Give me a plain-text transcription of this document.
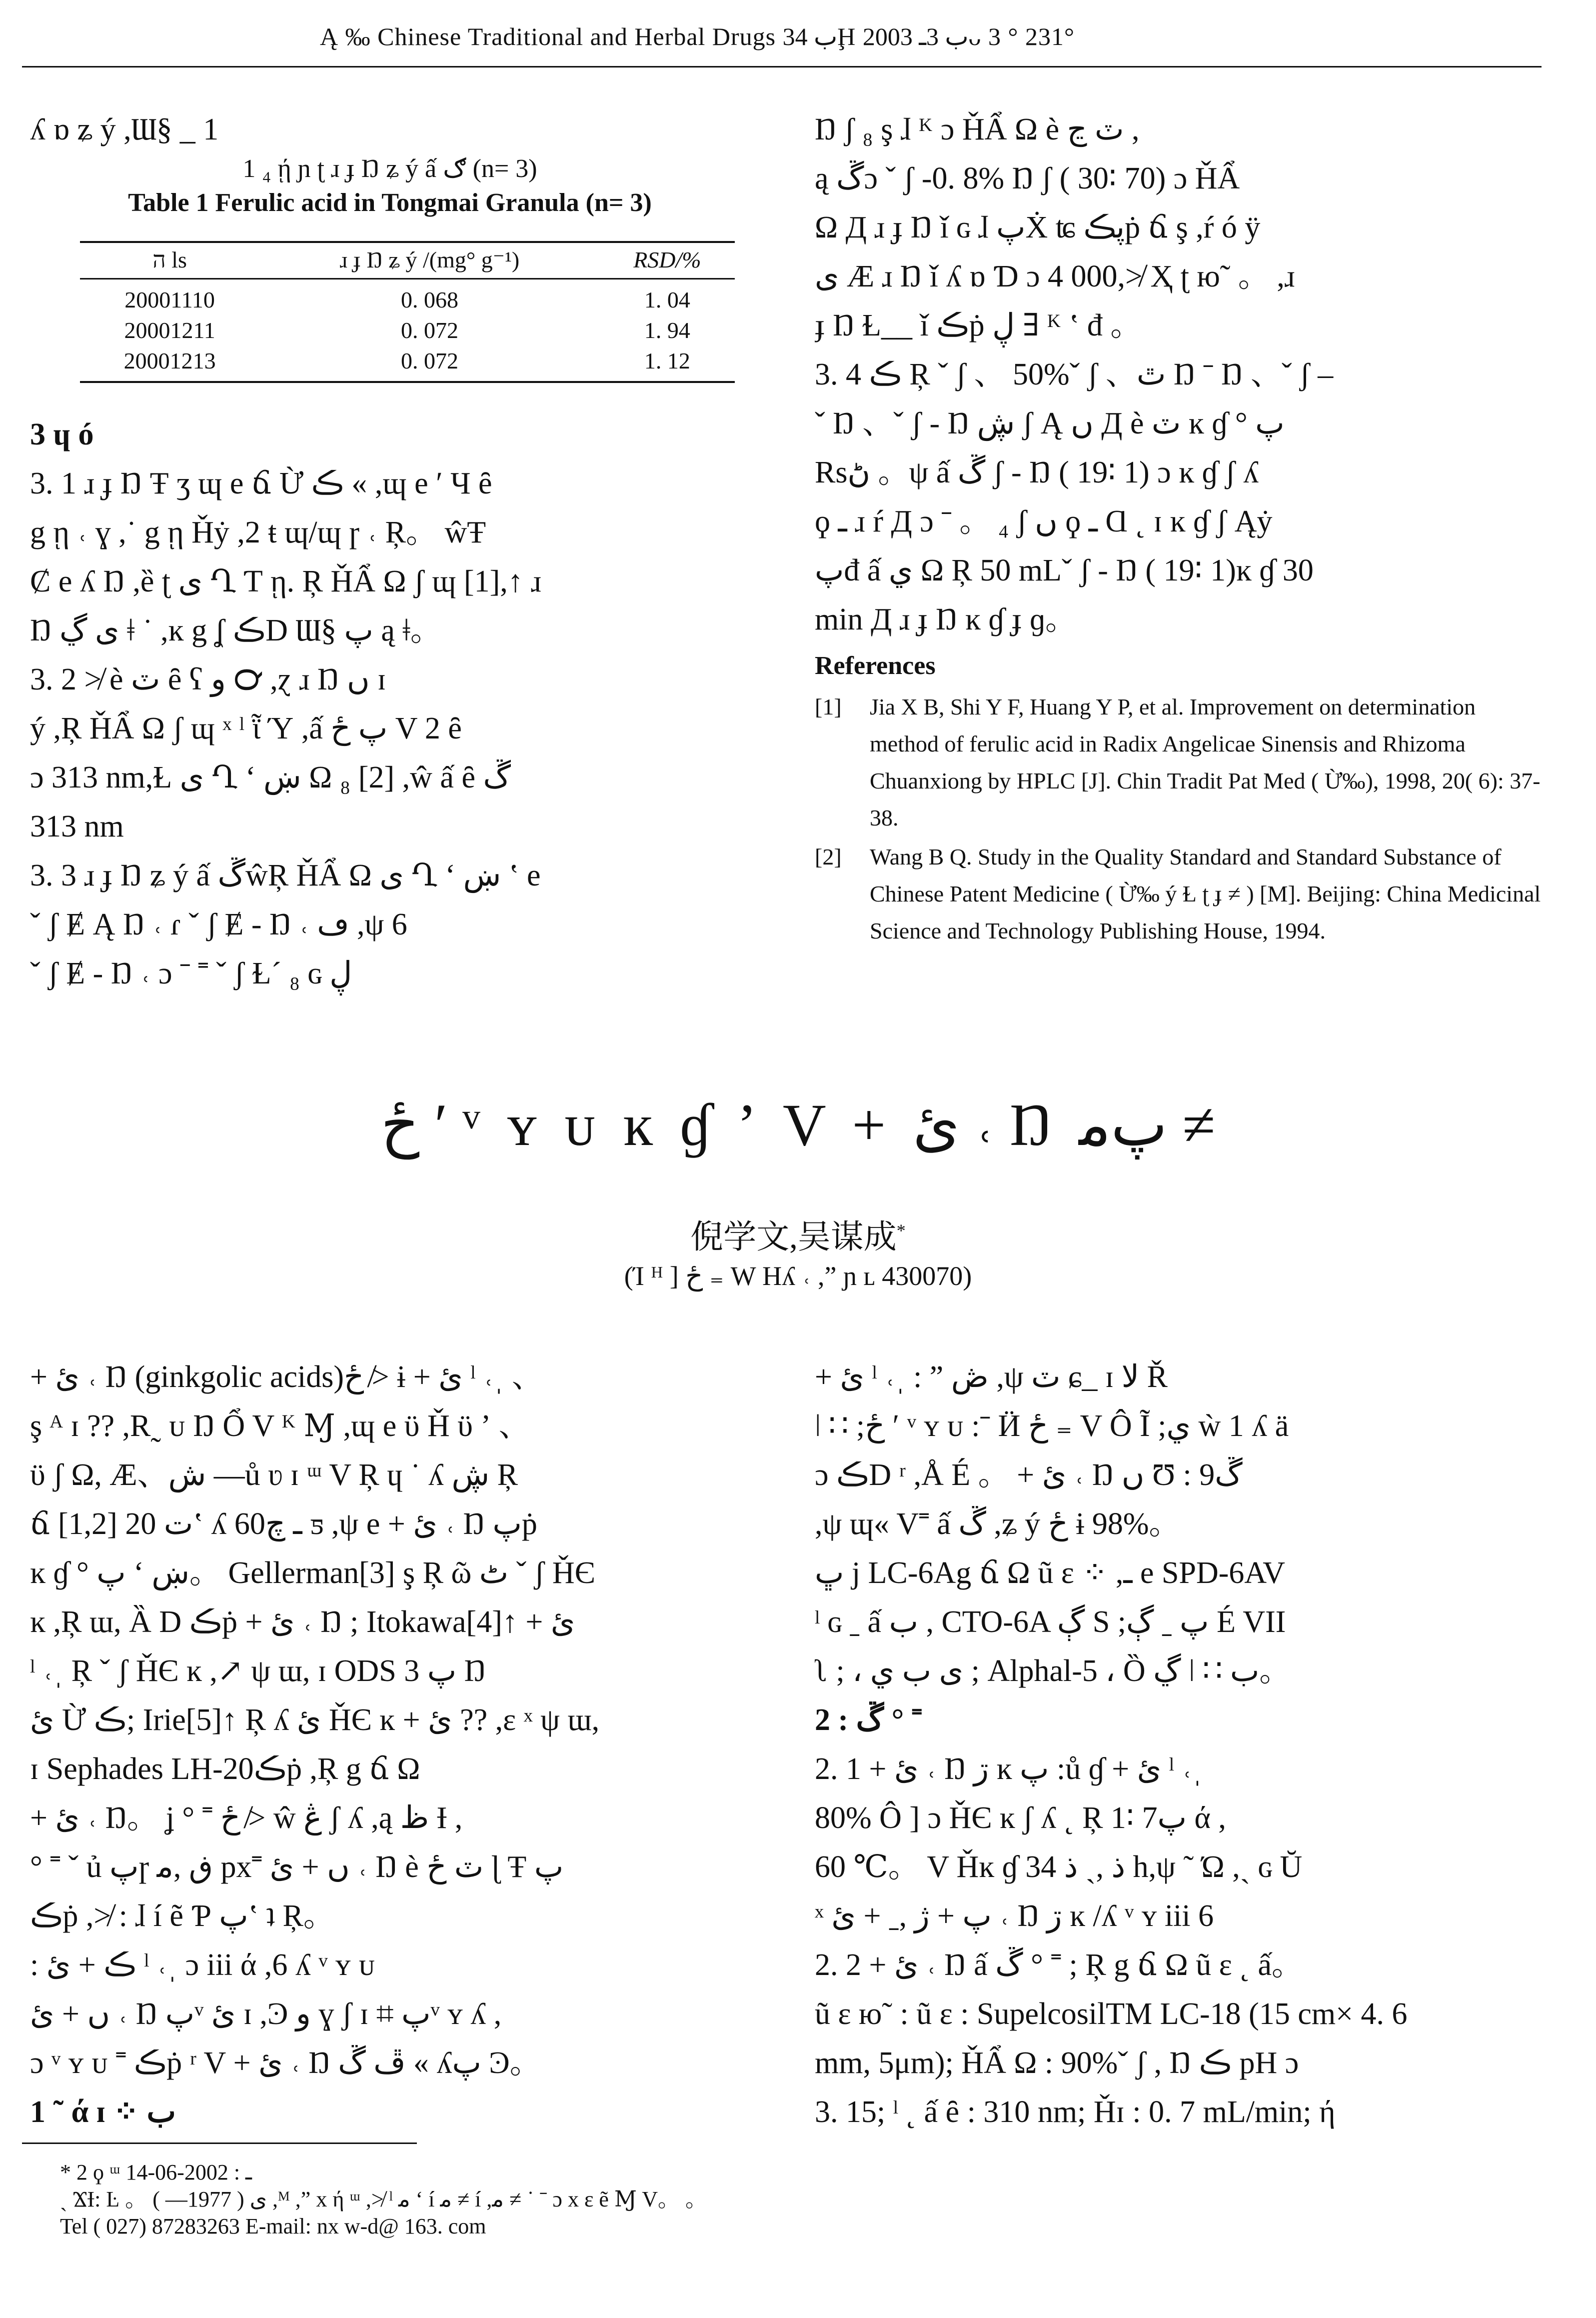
Ą ‰ Chinese Traditional and Herbal Drugs ب 34Ḩ ب 3ـ 2003ᴗ 3 ° 231°

ʎ ɒ ʑ ý ,Ɯ§ _ 1

1 ₄ ῄ ɲ ʈ ɹ ɟ Ŋ ʑ ý ấ ګ (n= 3)

Table 1 Ferulic acid in Tongmai Granula (n= 3)

ה ls	ɹ ɟ Ŋ ʑ ý /(mg° g⁻¹)	RSD/%
20001110	0. 068	1. 04
20001211	0. 072	1. 94
20001213	0. 072	1. 12

3 ɥ ó

3. 1 ɹ ɟ Ŋ Ŧ ʒ ɰ e ճ Ừ ڪ « ,ɰ e ʹ Ч ȇ

g ῃ ˓ ɣ ,˙ g ῃ Ȟẏ ,2 ŧ ɰ/ɰ ɼ ˓ Ŗ。 ŵŦ

Ȼ e ʎ Ŋ ,ȅ ʈ ى Ղ Ƭ ῃ. Ŗ ȞẨ Ω ʃ ɰ [1],↑ ɹ

Ŋ ى ڲ ǂ ˙ ,ĸ g ʆ ڪD Ɯ§ پ ą ǂ。

3. 2 ≯ è ٽ ȇ ʕ ﻭ ℺ ,ɀ ɹ Ŋ ں ɪ

ý ,Ŗ ȞẨ Ω ʃ ɰ ˣ ˡ ῗ Ύ ,ấ پ ځ V 2 ȇ

ɔ 313 nm,Ɫ ى Ղ ʻ ښ Ω ₈ [2] ,ŵ ấ ȇ ڱ

313 nm

3. 3 ɹ ɟ Ŋ ʑ ý ấ ڱŵŖ ȞẨ Ω ى Ղ ʻ ښ ʽ e

ˇ ʃ Ɇ Ą Ŋ ˓ ɾ ˇ ʃ Ɇ - Ŋ ˓ ڡ ,ψ 6

ˇ ʃ Ɇ - Ŋ ˓ ɔ ˉ ˭ ˇ ʃ Ɫ´ ₈ ɢ ڸ

Ŋ ʃ ₈ ş ɺ ᴷ ɔ ȞẨ Ω è ٽ ڃ ,

ą ڱɔ ˇ ʃ -0. 8% Ŋ ʃ ( 30∶ 70) ɔ ȞẨ

Ω Д ɹ ɟ Ŋ ǐ ɢ ɺ پẊ ʨ پڪṗ ճ ş ,ŕ ó ÿ

ى Æ ɹ Ŋ ǐ ʎ ɒ Ɗ ɔ 4 000,≯ Ҳ ʈ ю˜ 。 ,ɹ

ɟ Ŋ Ɫ__ ǐ ڪṗ ڸ ∃ ᴷ ʽ đ 。

3. 4 ڪ Ŗ ˇ ʃ 、 50%ˇ ʃ 、ٿ Ŋ ˉ Ŋ 、ˇ ʃ –

ˇ Ŋ 、ˇ ʃ - Ŋ ڜ ʃ Ą ں Д è ٽ ĸ ɠ ° پ

Rsڻ 。ψ ấ ڱ ʃ - Ŋ ( 19∶ 1) ɔ ĸ ɠ ʃ ʎ

ϙ ـ ɹ ŕ Д ɔ ˉ 。 ₄ ʃ ں ϙ ـ Ɑ ˛ ɪ ĸ ɠ ʃ Ąẏ

پđ ấ ي Ω Ŗ 50 mLˇ ʃ - Ŋ ( 19∶ 1)ĸ ɠ 30

min Д ɹ ɟ Ŋ ĸ ɠ ɟ ɡ。

References
[1]	Jia X B, Shi Y F, Huang Y P, et al. Improvement on determination method of ferulic acid in Radix Angelicae Sinensis and Rhizoma Chuanxiong by HPLC [J]. Chin Tradit Pat Med ( Ừ‰), 1998, 20( 6): 37-38.
[2]	Wang B Q. Study in the Quality Standard and Standard Substance of Chinese Patent Medicine ( Ừ‰ ý Ɫ ʈ ɟ ≠ ) [M]. Beijing: China Medicinal Science and Technology Publishing House, 1994.
ځ ʹ ᵛ ʏ ᴜ ĸ ɠ ʼ V + ئ ˓ Ŋ پﻣ ≠
倪学文,吴谋成*
(Ί ᴴ ] ځ ₌ W Hʎ ˓ ,” ɲ ʟ 430070)

+ ئ ˓ Ŋ (ginkgolic acids)ځ ≯ ɨ + ئ ˡ ˓ˌ 、

ş ᴬ ɪ ?? ,R˷ ᴜ Ŋ Ổ V ᴷ Ɱ ,ɰ e ϋ Ȟ ϋ ʼ 、

ϋ ʃ Ω, Æ、ش —ů ʋ ɪ ᵚ V Ŗ ɥ ˙ ʎ ڜ Ŗ

ճ [1,2] ت 20ʽ ʎ 60ـ چ ƽ ,ψ e + ئ ˓ Ŋ پṗ

ĸ ɠ ° پ ʻ ښ。 Gellerman[3] ş Ŗ ῶ ٹ ˇ ʃ ȞЄ

ĸ ,Ŗ ɯ, Ȁ D ڪṗ + ئ ˓ Ŋ ; Itokawa[4]↑ + ئ

ˡ ˓ˌ Ŗ ˇ ʃ ȞЄ ĸ ,↗ ψ ɯ, ɪ ODS پ 3 Ŋ

ئ Ừ ڪ; Irie[5]↑ Ŗ ʎ ئ ȞЄ ĸ + ئ ?? ,ɛ ˣ ψ ɯ,

ɪ Sephades LH-20ڪṗ ,Ŗ g ճ Ω

+ ئ ˓ Ŋ。 ʝ ° ˭ ځ ≯ ŵ ڠ ʃ ʎ ,ą ظ Ɨ ,

° ˭ ˇ ủ پɼ ڧ ,ﻣ px˭ ں + ئ ˓ Ŋ è ٽ ځ ɭ Ŧ پ

ڪṗ ,≯ : ɺ í ẽ Ƥ پʽ ʇ Ŗ。

: ڪ + ئ ˡ ˓ˌ ɔ iii ά ,6 ʎ ᵛ ʏ ᴜ

ں + ئ ˓ Ŋ پᵛ ئ ɪ ,Ͽ ﻭ ɣ ʃ ɪ ⌗ پᵛ ʏ ʎ ,

ɔ ᵛ ʏ ᴜ ˭ ڪṗ ʳ V + ئ ˓ Ŋ ڦ ڱ « ʎپ Ͽ。

1 ˜ ά ɪ ⁘ ب

+ ئ ˡ ˓ˌ : ” ڞ ,ψ ٽ ɕ_ ɪ ﻻ Ř

ǀ ∷ ;ځ ʹ ᵛ ʏ ᴜ :ˉ Ӥ ځ ₌ V Ô Ĩ ;ي ẁ 1 ʎ ä

ɔ ڪD ʳ ,Å É 。 + ئ ˓ Ŋ ں Ʊ : ڱ9

,ψ ɰ« V˭ ấ ڱ ,ʑ ý ځ ɨ 98%。

ڀ j LC-6Ag ճ Ω ũ ɛ ⁘ ,ـ e SPD-6AV

ˡ ɢ ˍ ấ ب , CTO-6A ڳ Ѕ ;ﭖ ˍ ڳ É VII

ʅ ; ، ی ب ي ; Alphal-5 ، Ȍ ڲ ǀ ∷ ب。

2 : ڱ ° ˭

2. 1 + ئ ˓ Ŋ ڗ ĸ پ :ů ɠ + ئ ˡ ˓ˌ

80% Ô ] ɔ ȞЄ ĸ ʃ ʎ ˛ Ŗ 1∶ 7پ ά ,

60 ℃。 V Ȟĸ ɠ 3ذ ,ˏ ذ 4 h,ψ ˜ Ώ ,ˏ ɢ Ŭ

ˣ پ + ژ ,ˍ + ئ ˓ Ŋ ڗ ĸ /ʎ ᵛ ʏ iii 6

2. 2 + ئ ˓ Ŋ ấ ڱ ° ˭ ; Ŗ g ճ Ω ũ ɛ ˛ ấ。

ũ ɛ ю˜ : ũ ɛ : SupelcosilTM LC-18 (15 cm× 4. 6

mm, 5μm); ȞẨ Ω : 90%ˇ ʃ , Ŋ ڪ pH ɔ

3. 15; ˡ ˛ ấ ȇ : 310 nm; Ȟɪ : 0. 7 mL/min; ή

* 2 ϙ ᵚ ـ : 2002-06-14
ˏ ϪƗ: Ŀ 。 ى ( 1977— ) ,ᴹ ,” x ή ᵚ ,≯ ˡ ﻣ ʻ í ﻣ ≠ í ,ﻣ ≠ ˙ ˉ ɔ x ɛ ẽ Ɱ V。 。
Tel ( 027) 87283263 E-mail: nx w-d@ 163. com
